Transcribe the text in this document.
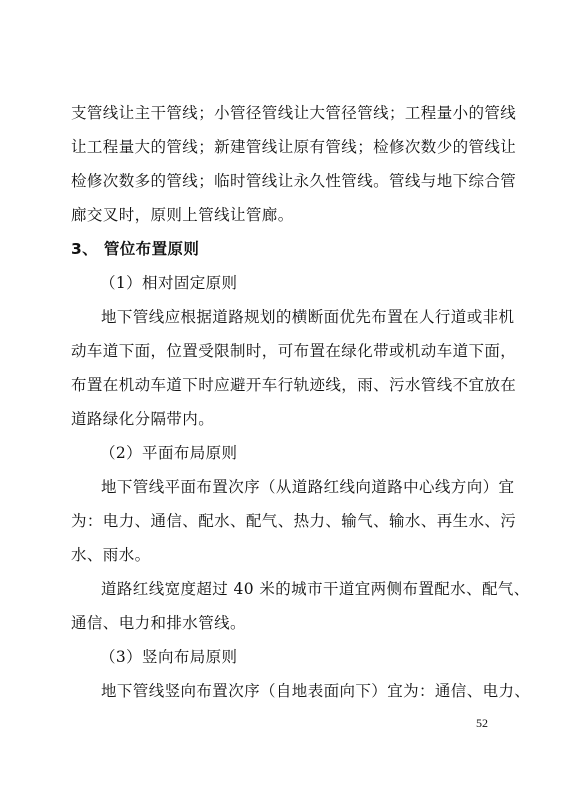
支管线让主干管线；小管径管线让大管径管线；工程量小的管线
让工程量大的管线；新建管线让原有管线；检修次数少的管线让
检修次数多的管线；临时管线让永久性管线。管线与地下综合管
廊交叉时，原则上管线让管廊。
3、 管位布置原则
（1）相对固定原则
地下管线应根据道路规划的横断面优先布置在人行道或非机
动车道下面，位置受限制时，可布置在绿化带或机动车道下面，
布置在机动车道下时应避开车行轨迹线，雨、污水管线不宜放在
道路绿化分隔带内。
（2）平面布局原则
地下管线平面布置次序（从道路红线向道路中心线方向）宜
为：电力、通信、配水、配气、热力、输气、输水、再生水、污
水、雨水。
道路红线宽度超过 40 米的城市干道宜两侧布置配水、配气、
通信、电力和排水管线。
（3）竖向布局原则
地下管线竖向布置次序（自地表面向下）宜为：通信、电力、
52
